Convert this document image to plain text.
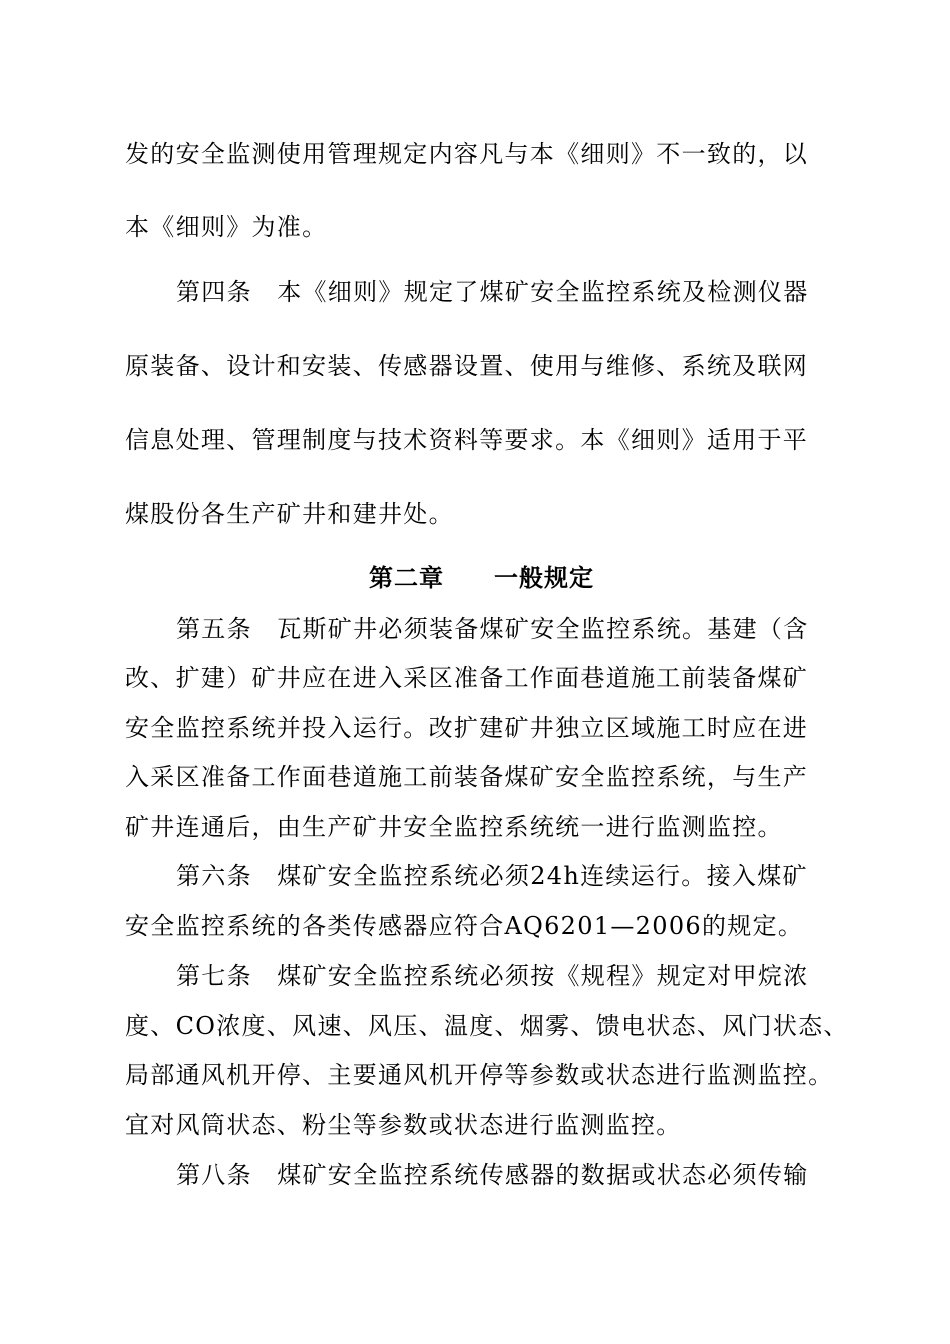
发的安全监测使用管理规定内容凡与本《细则》不一致的，以
本《细则》为准。
第四条　本《细则》规定了煤矿安全监控系统及检测仪器
原装备、设计和安装、传感器设置、使用与维修、系统及联网
信息处理、管理制度与技术资料等要求。本《细则》适用于平
煤股份各生产矿井和建井处。
第二章　　一般规定
第五条　瓦斯矿井必须装备煤矿安全监控系统。基建（含
改、扩建）矿井应在进入采区准备工作面巷道施工前装备煤矿
安全监控系统并投入运行。改扩建矿井独立区域施工时应在进
入采区准备工作面巷道施工前装备煤矿安全监控系统，与生产
矿井连通后，由生产矿井安全监控系统统一进行监测监控。
第六条　煤矿安全监控系统必须24h连续运行。接入煤矿
安全监控系统的各类传感器应符合AQ6201—2006的规定。
第七条　煤矿安全监控系统必须按《规程》规定对甲烷浓
度、CO浓度、风速、风压、温度、烟雾、馈电状态、风门状态、
局部通风机开停、主要通风机开停等参数或状态进行监测监控。
宜对风筒状态、粉尘等参数或状态进行监测监控。
第八条　煤矿安全监控系统传感器的数据或状态必须传输
